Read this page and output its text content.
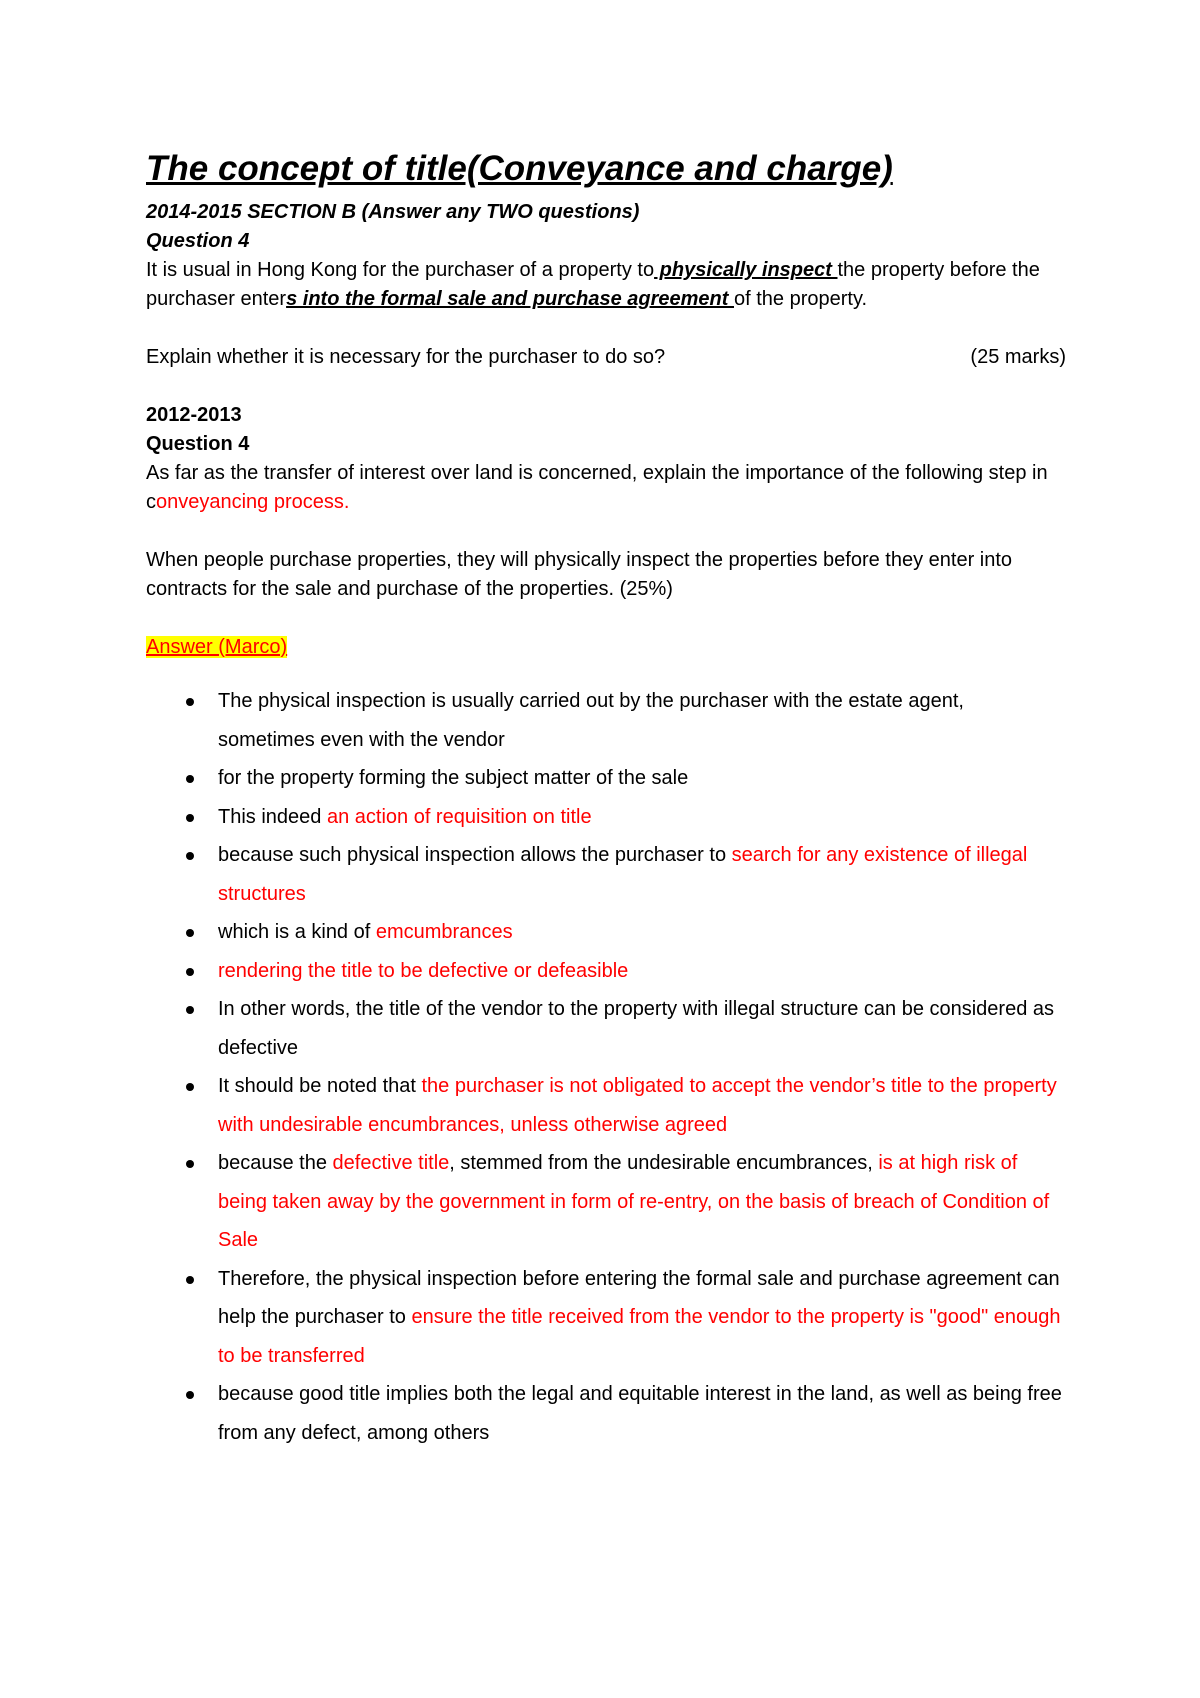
The concept of title(Conveyance and charge)
2014-2015 SECTION B (Answer any TWO questions)
Question 4

It is usual in Hong Kong for the purchaser of a property to physically inspect the property before the purchaser enters into the formal sale and purchase agreement of the property.

Explain whether it is necessary for the purchaser to do so?	(25 marks)
2012-2013
Question 4

As far as the transfer of interest over land is concerned, explain the importance of the following step in conveyancing process.

When people purchase properties, they will physically inspect the properties before they enter into contracts for the sale and purchase of the properties. (25%)

Answer (Marco)
The physical inspection is usually carried out by the purchaser with the estate agent, sometimes even with the vendor
for the property forming the subject matter of the sale
This indeed an action of requisition on title
because such physical inspection allows the purchaser to search for any existence of illegal structures
which is a kind of emcumbrances
rendering the title to be defective or defeasible
In other words, the title of the vendor to the property with illegal structure can be considered as defective
It should be noted that the purchaser is not obligated to accept the vendor’s title to the property with undesirable encumbrances, unless otherwise agreed
because the defective title, stemmed from the undesirable encumbrances, is at high risk of being taken away by the government in form of re-entry, on the basis of breach of Condition of Sale
Therefore, the physical inspection before entering the formal sale and purchase agreement can help the purchaser to ensure the title received from the vendor to the property is "good" enough to be transferred
because good title implies both the legal and equitable interest in the land, as well as being free from any defect, among others
